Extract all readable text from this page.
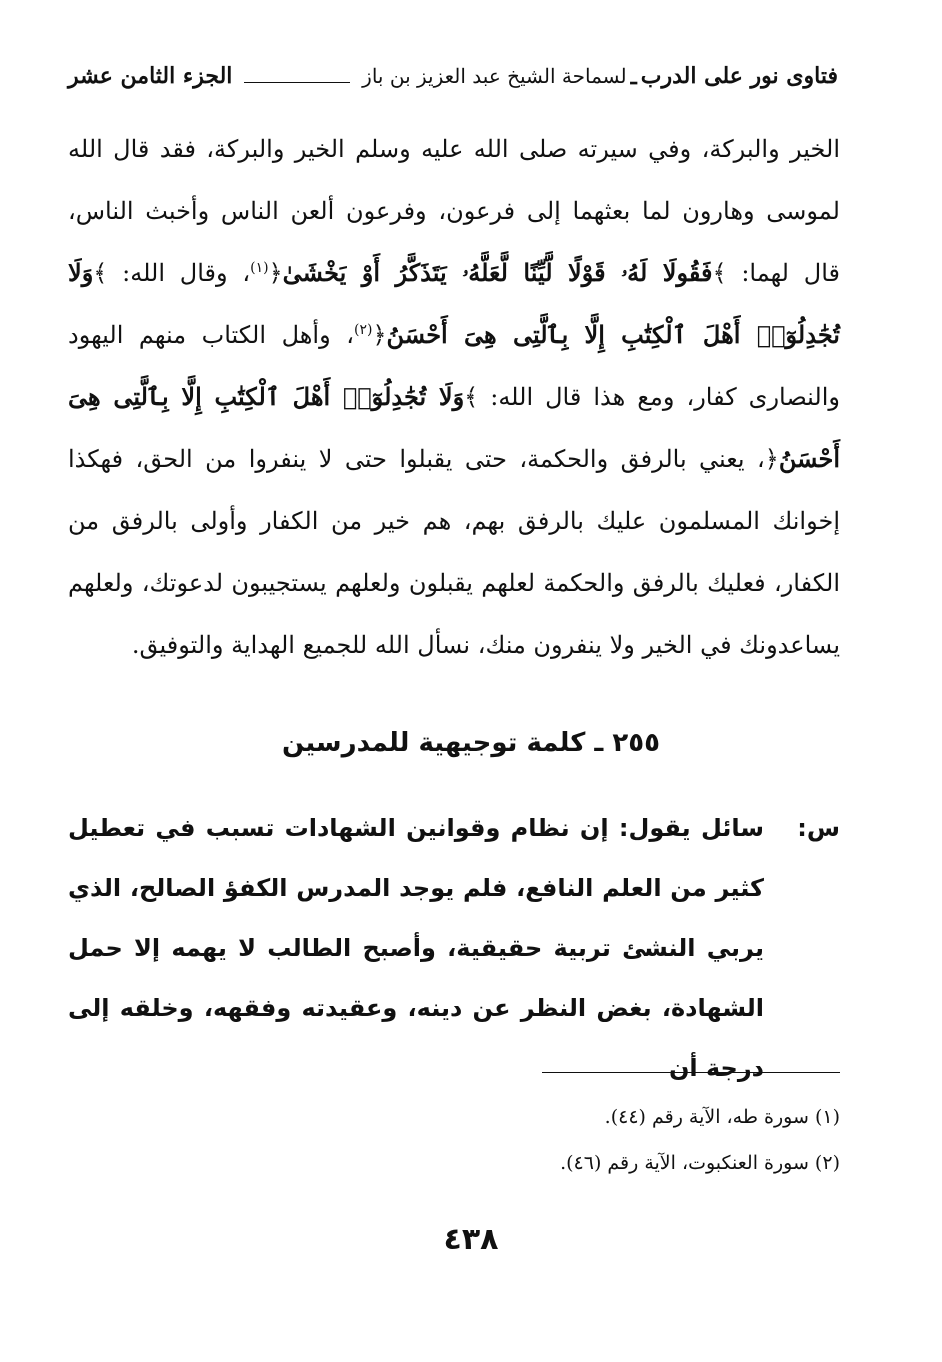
فتاوى نور على الدرب
ـ
لسماحة الشيخ عبد العزيز بن باز
الجزء الثامن عشر

الخير والبركة، وفي سيرته صلى الله عليه وسلم الخير والبركة، فقد قال الله لموسى وهارون لما بعثهما إلى فرعون، وفرعون ألعن الناس وأخبث الناس، قال لهما: ﴾فَقُولَا لَهُۥ قَوْلًا لَّيِّنًا لَّعَلَّهُۥ يَتَذَكَّرُ أَوْ يَخْشَىٰ﴿$^{(١)}$، وقال الله: ﴾وَلَا تُجَٰدِلُوٓا۟ أَهْلَ ٱلْكِتَٰبِ إِلَّا بِٱلَّتِى هِىَ أَحْسَنُ﴿$^{(٢)}$، وأهل الكتاب منهم اليهود والنصارى كفار، ومع هذا قال الله: ﴾وَلَا تُجَٰدِلُوٓا۟ أَهْلَ ٱلْكِتَٰبِ إِلَّا بِٱلَّتِى هِىَ أَحْسَنُ﴿، يعني بالرفق والحكمة، حتى يقبلوا حتى لا ينفروا من الحق، فهكذا إخوانك المسلمون عليك بالرفق بهم، هم خير من الكفار وأولى بالرفق من الكفار، فعليك بالرفق والحكمة لعلهم يقبلون ولعلهم يستجيبون لدعوتك، ولعلهم يساعدونك في الخير ولا ينفرون منك، نسأل الله للجميع الهداية والتوفيق.

٢٥٥ ـ كلمة توجيهية للمدرسين
س:
سائل يقول: إن نظام وقوانين الشهادات تسبب في تعطيل كثير من العلم النافع، فلم يوجد المدرس الكفؤ الصالح، الذي يربي النشئ تربية حقيقية، وأصبح الطالب لا يهمه إلا حمل الشهادة، بغض النظر عن دينه، وعقيدته وفقهه، وخلقه إلى درجة أن
(١) سورة طه، الآية رقم (٤٤).
(٢) سورة العنكبوت، الآية رقم (٤٦).
٤٣٨
